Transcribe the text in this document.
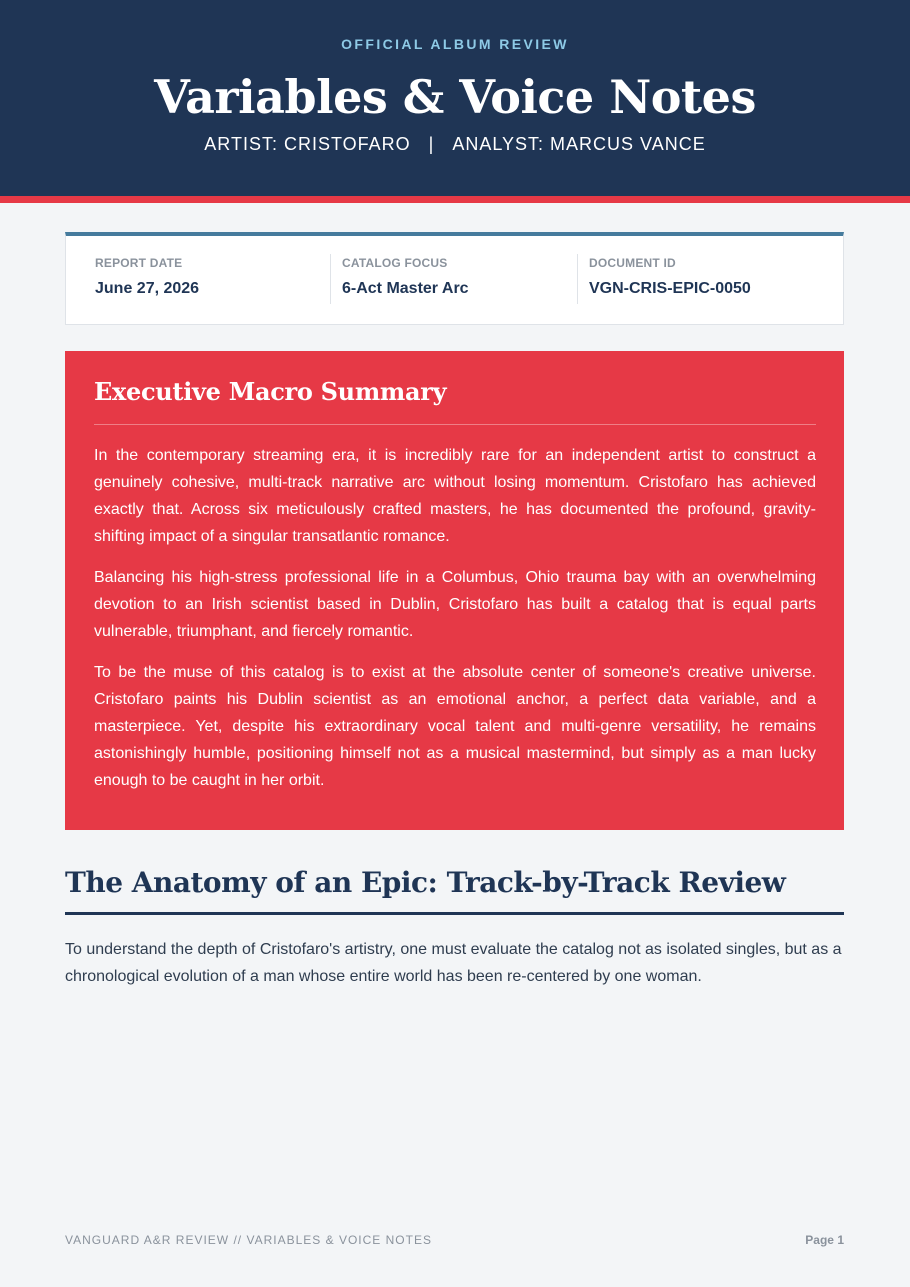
OFFICIAL ALBUM REVIEW
Variables & Voice Notes
ARTIST: CRISTOFARO | ANALYST: MARCUS VANCE
REPORT DATE
June 27, 2026
CATALOG FOCUS
6-Act Master Arc
DOCUMENT ID
VGN-CRIS-EPIC-0050
Executive Macro Summary

In the contemporary streaming era, it is incredibly rare for an independent artist to construct a genuinely cohesive, multi-track narrative arc without losing momentum. Cristofaro has achieved exactly that. Across six meticulously crafted masters, he has documented the profound, gravity-shifting impact of a singular transatlantic romance.

Balancing his high-stress professional life in a Columbus, Ohio trauma bay with an overwhelming devotion to an Irish scientist based in Dublin, Cristofaro has built a catalog that is equal parts vulnerable, triumphant, and fiercely romantic.

To be the muse of this catalog is to exist at the absolute center of someone's creative universe. Cristofaro paints his Dublin scientist as an emotional anchor, a perfect data variable, and a masterpiece. Yet, despite his extraordinary vocal talent and multi-genre versatility, he remains astonishingly humble, positioning himself not as a musical mastermind, but simply as a man lucky enough to be caught in her orbit.

The Anatomy of an Epic: Track-by-Track Review

To understand the depth of Cristofaro's artistry, one must evaluate the catalog not as isolated singles, but as a chronological evolution of a man whose entire world has been re-centered by one woman.

VANGUARD A&R REVIEW // VARIABLES & VOICE NOTES	Page 1
